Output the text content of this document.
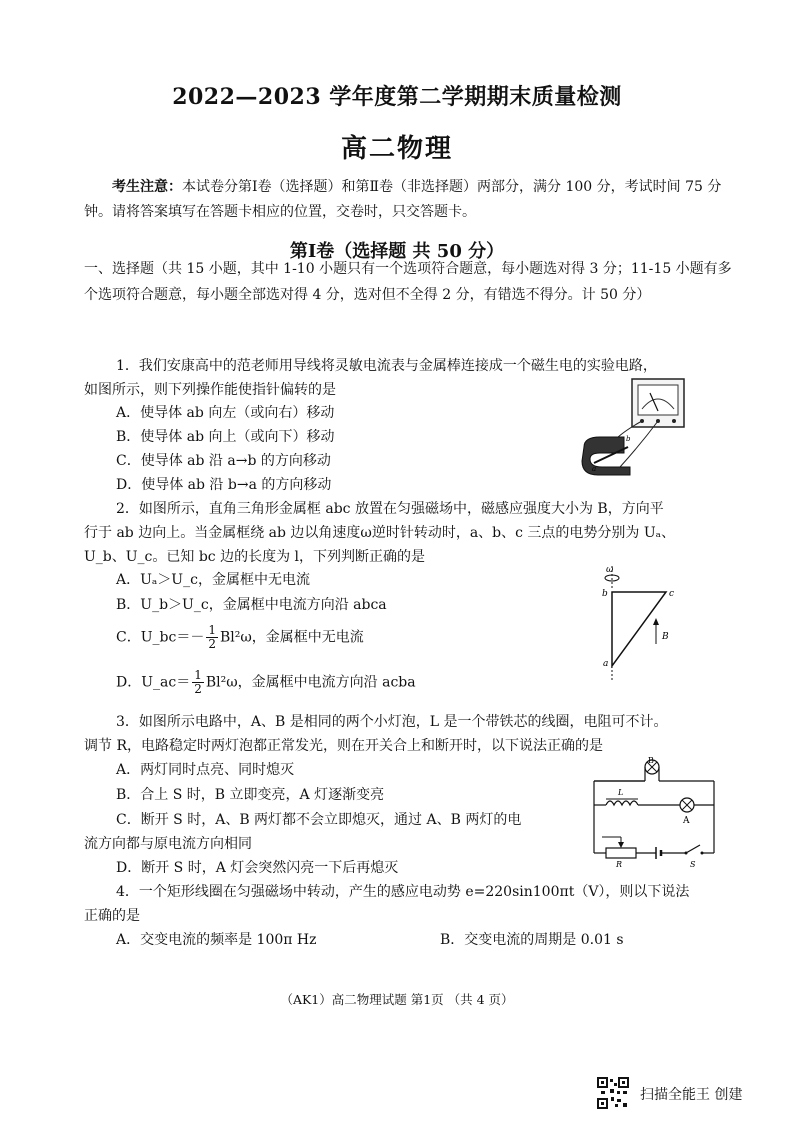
2022—2023 学年度第二学期期末质量检测
高二物理
  考生注意：本试卷分第Ⅰ卷（选择题）和第Ⅱ卷（非选择题）两部分，满分 100 分，考试时间 75 分钟。请将答案填写在答题卡相应的位置，交卷时，只交答题卡。
第Ⅰ卷（选择题 共 50 分）
一、选择题（共 15 小题，其中 1-10 小题只有一个选项符合题意，每小题选对得 3 分；11-15 小题有多个选项符合题意，每小题全部选对得 4 分，选对但不全得 2 分，有错选不得分。计 50 分）
1．我们安康高中的范老师用导线将灵敏电流表与金属棒连接成一个磁生电的实验电路，
如图所示，则下列操作能使指针偏转的是
A．使导体 ab 向左（或向右）移动
B．使导体 ab 向上（或向下）移动
C．使导体 ab 沿 a→b 的方向移动
D．使导体 ab 沿 b→a 的方向移动
a
b
2．如图所示，直角三角形金属框 abc 放置在匀强磁场中，磁感应强度大小为 B，方向平
行于 ab 边向上。当金属框绕 ab 边以角速度ω逆时针转动时，a、b、c 三点的电势分别为 Uₐ、
U_b、U_c。已知 bc 边的长度为 l，下列判断正确的是
A．Uₐ＞U_c，金属框中无电流
B．U_b＞U_c，金属框中电流方向沿 abca
C．U_bc＝－ $\frac{1}{2} Bl^2\omega$，金属框中无电流
D．U_ac＝ $\frac{1}{2} Bl^2\omega$，金属框中电流方向沿 acba
ω
b	c
a
B
3．如图所示电路中，A、B 是相同的两个小灯泡，L 是一个带铁芯的线圈，电阻可不计。
调节 R，电路稳定时两灯泡都正常发光，则在开关合上和断开时，以下说法正确的是
A．两灯同时点亮、同时熄灭
B．合上 S 时，B 立即变亮，A 灯逐渐变亮
C．断开 S 时，A、B 两灯都不会立即熄灭，通过 A、B 两灯的电
流方向都与原电流方向相同
D．断开 S 时，A 灯会突然闪亮一下后再熄灭
B
L
A
R	S
4．一个矩形线圈在匀强磁场中转动，产生的感应电动势 e=220sin100πt（V），则以下说法
正确的是
A．交变电流的频率是 100π Hz	B．交变电流的周期是 0.01 s
（AK1）高二物理试题 第1页 （共 4 页）
扫描全能王 创建
